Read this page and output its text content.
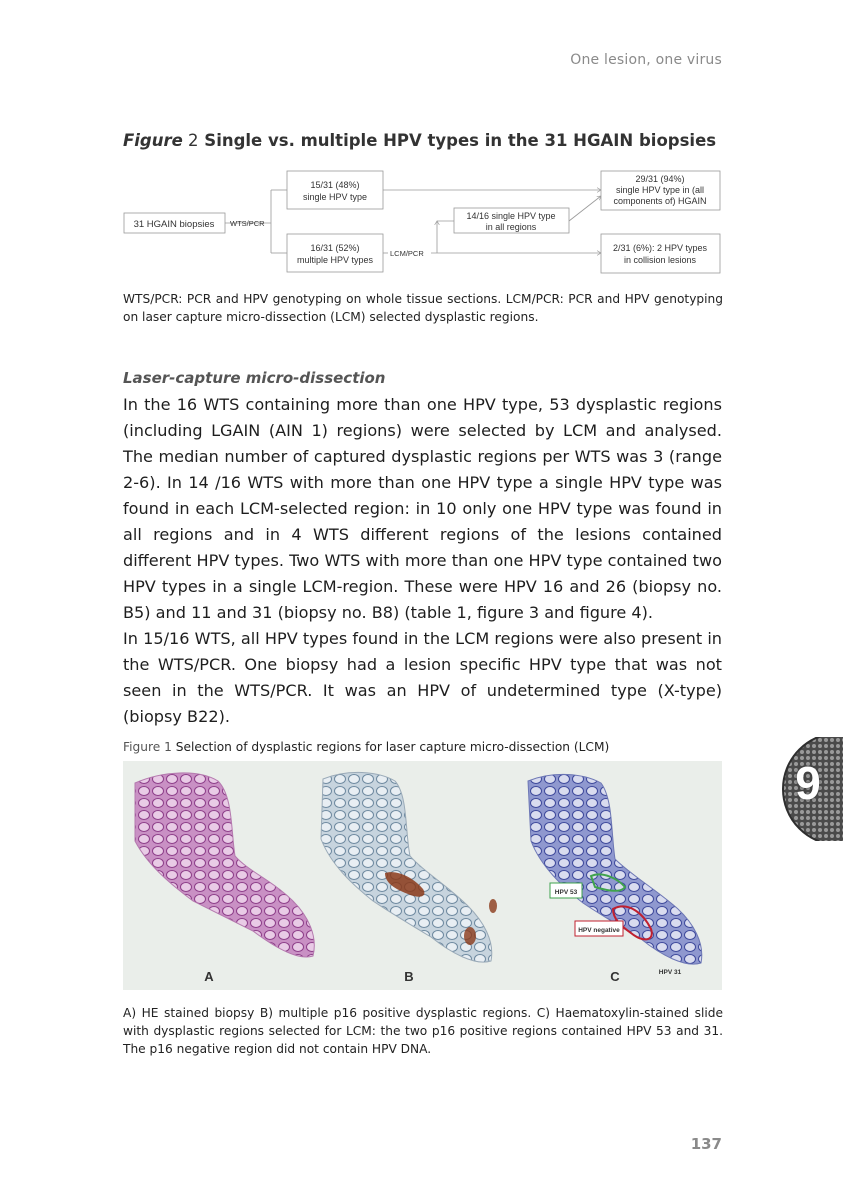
One lesion, one virus
Figure 2 Single vs. multiple HPV types in the 31 HGAIN biopsies
31 HGAIN biopsies WTS/PCR
15/31 (48%)
single HPV type
16/31 (52%)
multiple HPV types
LCM/PCR
14/16 single HPV type
in all regions
29/31 (94%)
single HPV type in (all
components of) HGAIN
2/31 (6%): 2 HPV types
in collision lesions
WTS/PCR: PCR and HPV genotyping on whole tissue sections. LCM/PCR: PCR and HPV genotyping on laser capture micro-dissection (LCM) selected dysplastic regions.
Laser-capture micro-dissection

In the 16 WTS containing more than one HPV type, 53 dysplastic regions (including LGAIN (AIN 1) regions) were selected by LCM and analysed. The median number of captured dysplastic regions per WTS was 3 (range 2-6). In 14 /16 WTS with more than one HPV type a single HPV type was found in each LCM-selected region: in 10 only one HPV type was found in all regions and in 4 WTS different regions of the lesions contained different HPV types. Two WTS with more than one HPV type contained two HPV types in a single LCM-region. These were HPV 16 and 26 (biopsy no. B5) and 11 and 31 (biopsy no. B8) (table 1, figure 3 and figure 4).

In 15/16 WTS, all HPV types found in the LCM regions were also present in the WTS/PCR. One biopsy had a lesion specific HPV type that was not seen in the WTS/PCR. It was an HPV of undetermined type (X-type) (biopsy B22).

Figure 1 Selection of dysplastic regions for laser capture micro-dissection (LCM)
HPV 53
HPV negative
HPV 31
A	B	C
A) HE stained biopsy B) multiple p16 positive dysplastic regions. C) Haematoxylin-stained slide with dysplastic regions selected for LCM: the two p16 positive regions contained HPV 53 and 31. The p16 negative region did not contain HPV DNA.
9
137
